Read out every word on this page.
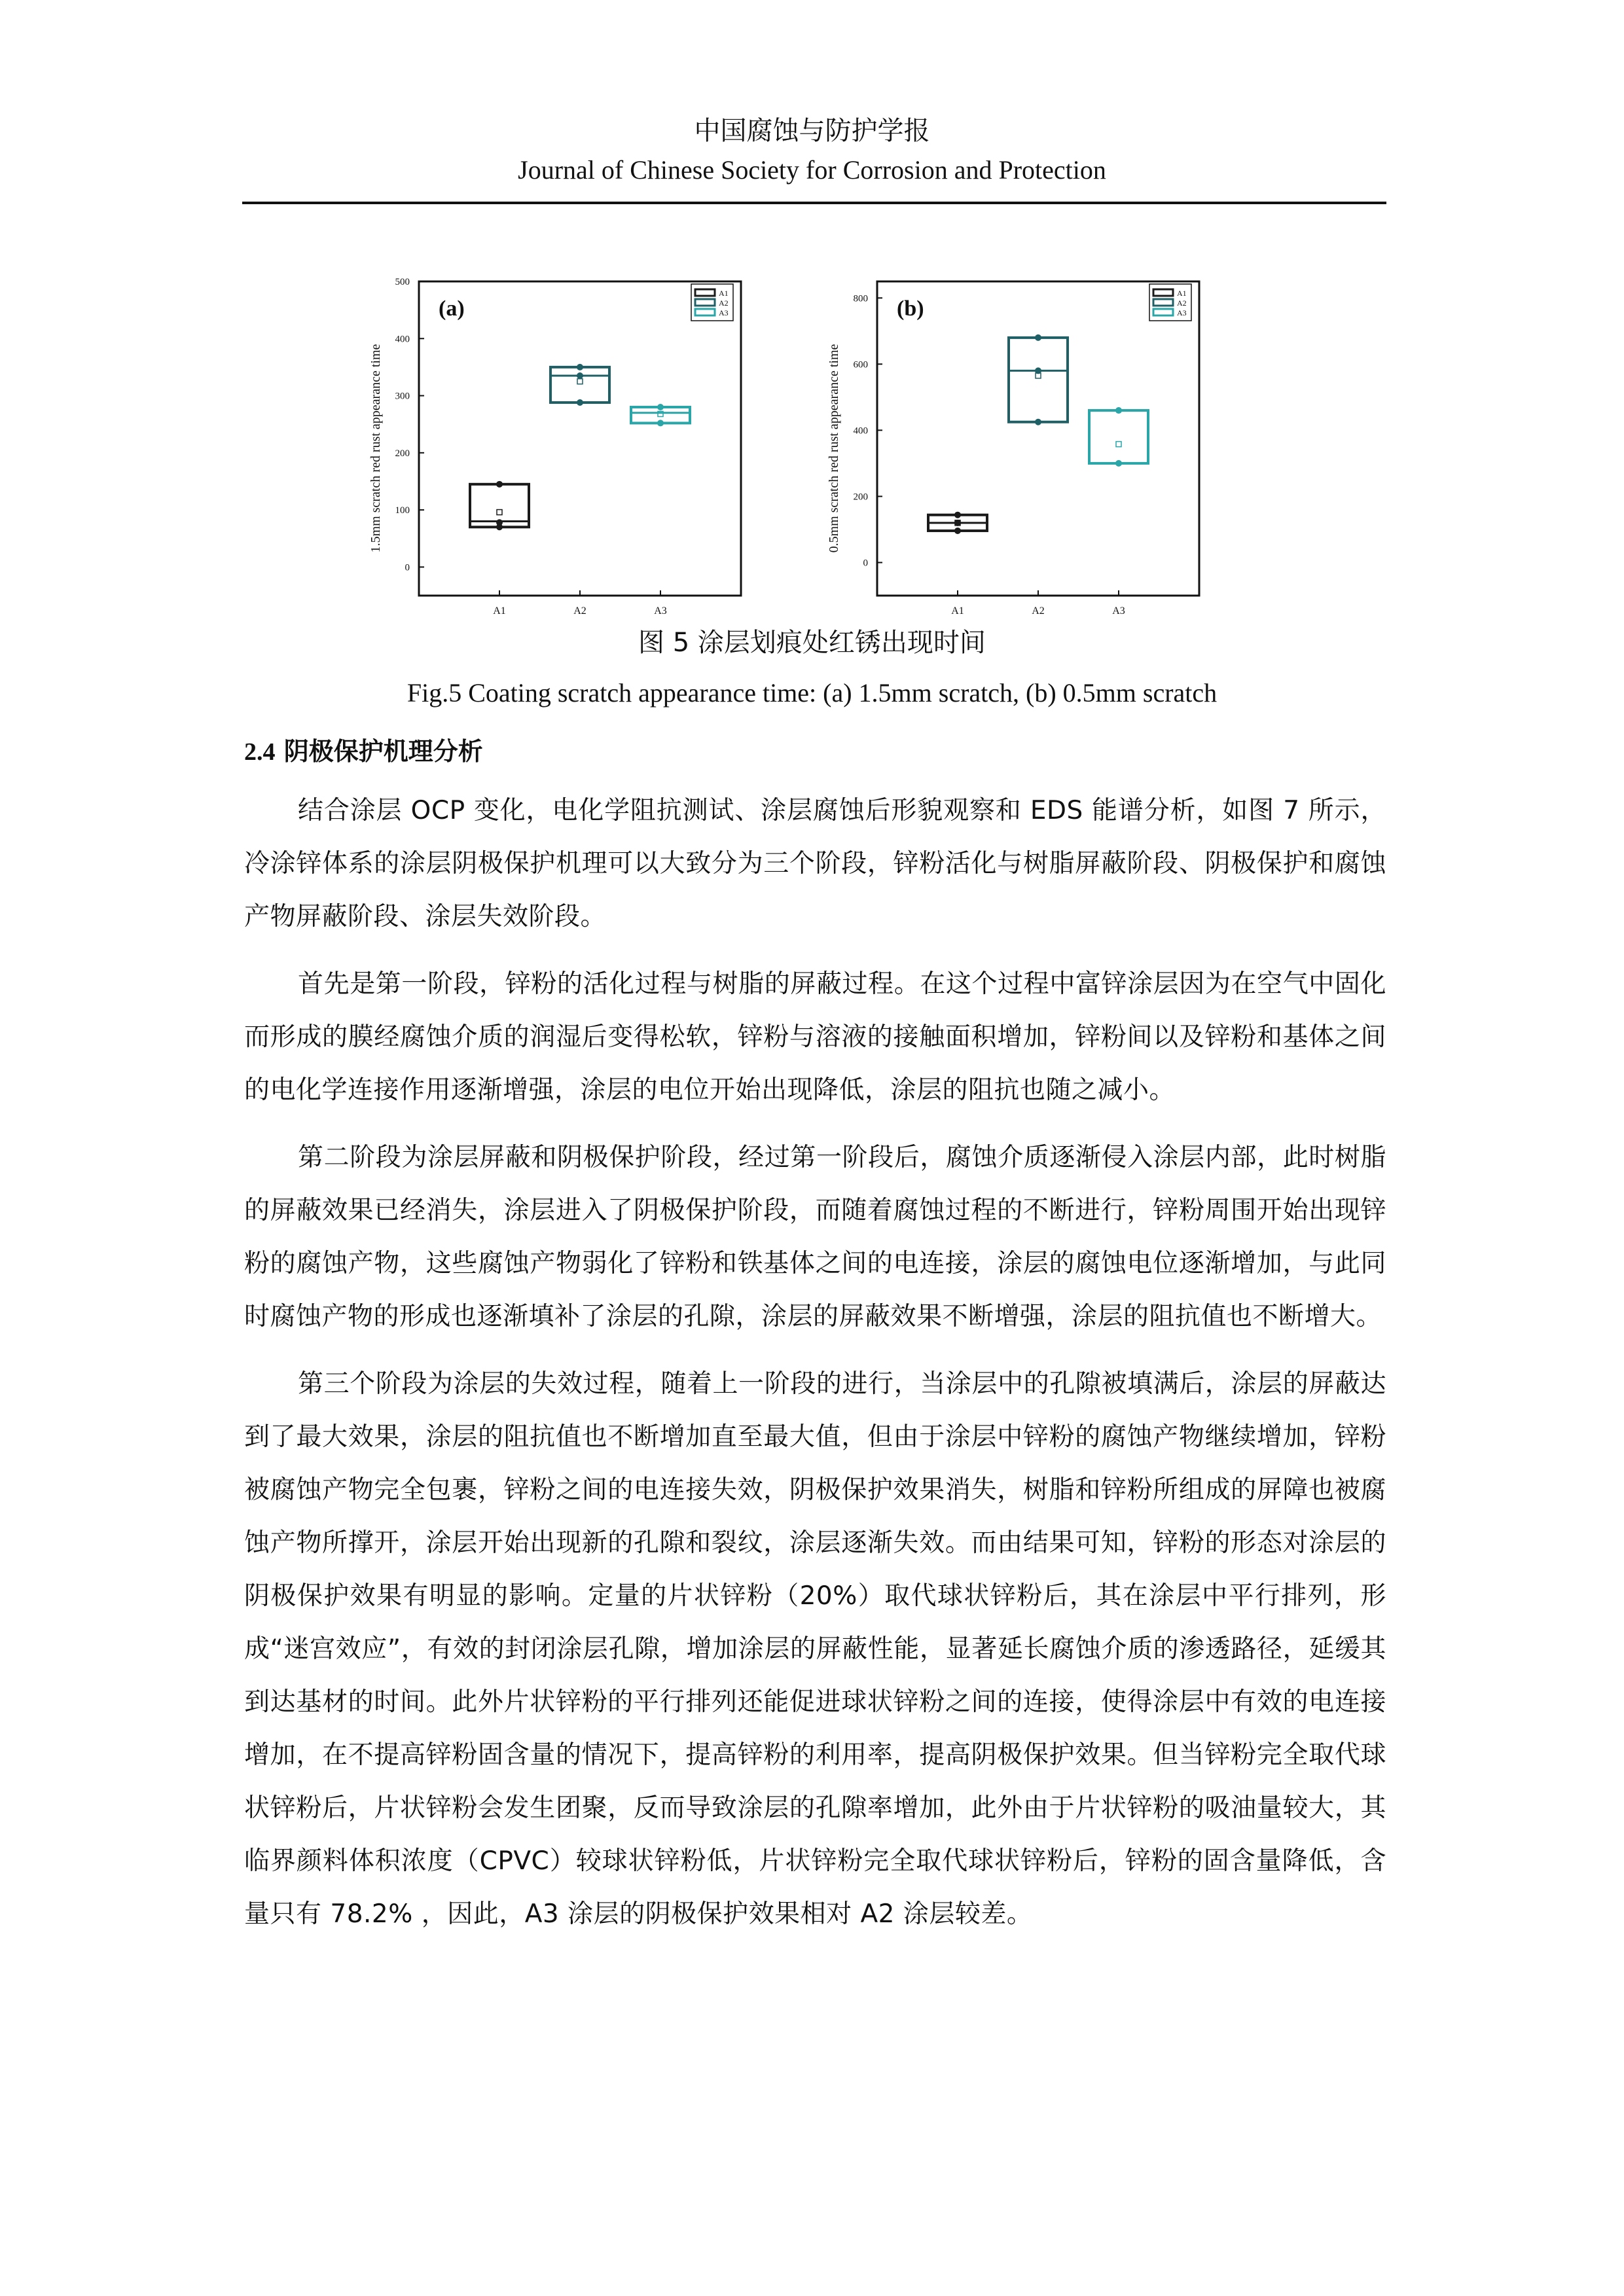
中国腐蚀与防护学报
Journal of Chinese Society for Corrosion and Protection
0
100
200
300
400
500
1.5mm scratch red rust appearance time
(a)
A1	A2	A3
A1
A2
A3
0
200
400
600
800
0.5mm scratch red rust appearance time
(b)
A1	A2	A3
A1
A2
A3
图 5 涂层划痕处红锈出现时间
Fig.5 Coating scratch appearance time: (a) 1.5mm scratch, (b) 0.5mm scratch
2.4 阴极保护机理分析

结合涂层 OCP 变化，电化学阻抗测试、涂层腐蚀后形貌观察和 EDS 能谱分析，如图 7 所示，冷涂锌体系的涂层阴极保护机理可以大致分为三个阶段，锌粉活化与树脂屏蔽阶段、阴极保护和腐蚀产物屏蔽阶段、涂层失效阶段。

首先是第一阶段，锌粉的活化过程与树脂的屏蔽过程。在这个过程中富锌涂层因为在空气中固化而形成的膜经腐蚀介质的润湿后变得松软，锌粉与溶液的接触面积增加，锌粉间以及锌粉和基体之间的电化学连接作用逐渐增强，涂层的电位开始出现降低，涂层的阻抗也随之减小。

第二阶段为涂层屏蔽和阴极保护阶段，经过第一阶段后，腐蚀介质逐渐侵入涂层内部，此时树脂的屏蔽效果已经消失，涂层进入了阴极保护阶段，而随着腐蚀过程的不断进行，锌粉周围开始出现锌粉的腐蚀产物，这些腐蚀产物弱化了锌粉和铁基体之间的电连接，涂层的腐蚀电位逐渐增加，与此同时腐蚀产物的形成也逐渐填补了涂层的孔隙，涂层的屏蔽效果不断增强，涂层的阻抗值也不断增大。

第三个阶段为涂层的失效过程，随着上一阶段的进行，当涂层中的孔隙被填满后，涂层的屏蔽达到了最大效果，涂层的阻抗值也不断增加直至最大值，但由于涂层中锌粉的腐蚀产物继续增加，锌粉被腐蚀产物完全包裹，锌粉之间的电连接失效，阴极保护效果消失，树脂和锌粉所组成的屏障也被腐蚀产物所撑开，涂层开始出现新的孔隙和裂纹，涂层逐渐失效。而由结果可知，锌粉的形态对涂层的阴极保护效果有明显的影响。定量的片状锌粉（20%）取代球状锌粉后，其在涂层中平行排列，形成“迷宫效应”，有效的封闭涂层孔隙，增加涂层的屏蔽性能，显著延长腐蚀介质的渗透路径，延缓其到达基材的时间。此外片状锌粉的平行排列还能促进球状锌粉之间的连接，使得涂层中有效的电连接增加，在不提高锌粉固含量的情况下，提高锌粉的利用率，提高阴极保护效果。但当锌粉完全取代球状锌粉后，片状锌粉会发生团聚，反而导致涂层的孔隙率增加，此外由于片状锌粉的吸油量较大，其临界颜料体积浓度（CPVC）较球状锌粉低，片状锌粉完全取代球状锌粉后，锌粉的固含量降低，含量只有 78.2% ，因此，A3 涂层的阴极保护效果相对 A2 涂层较差。
